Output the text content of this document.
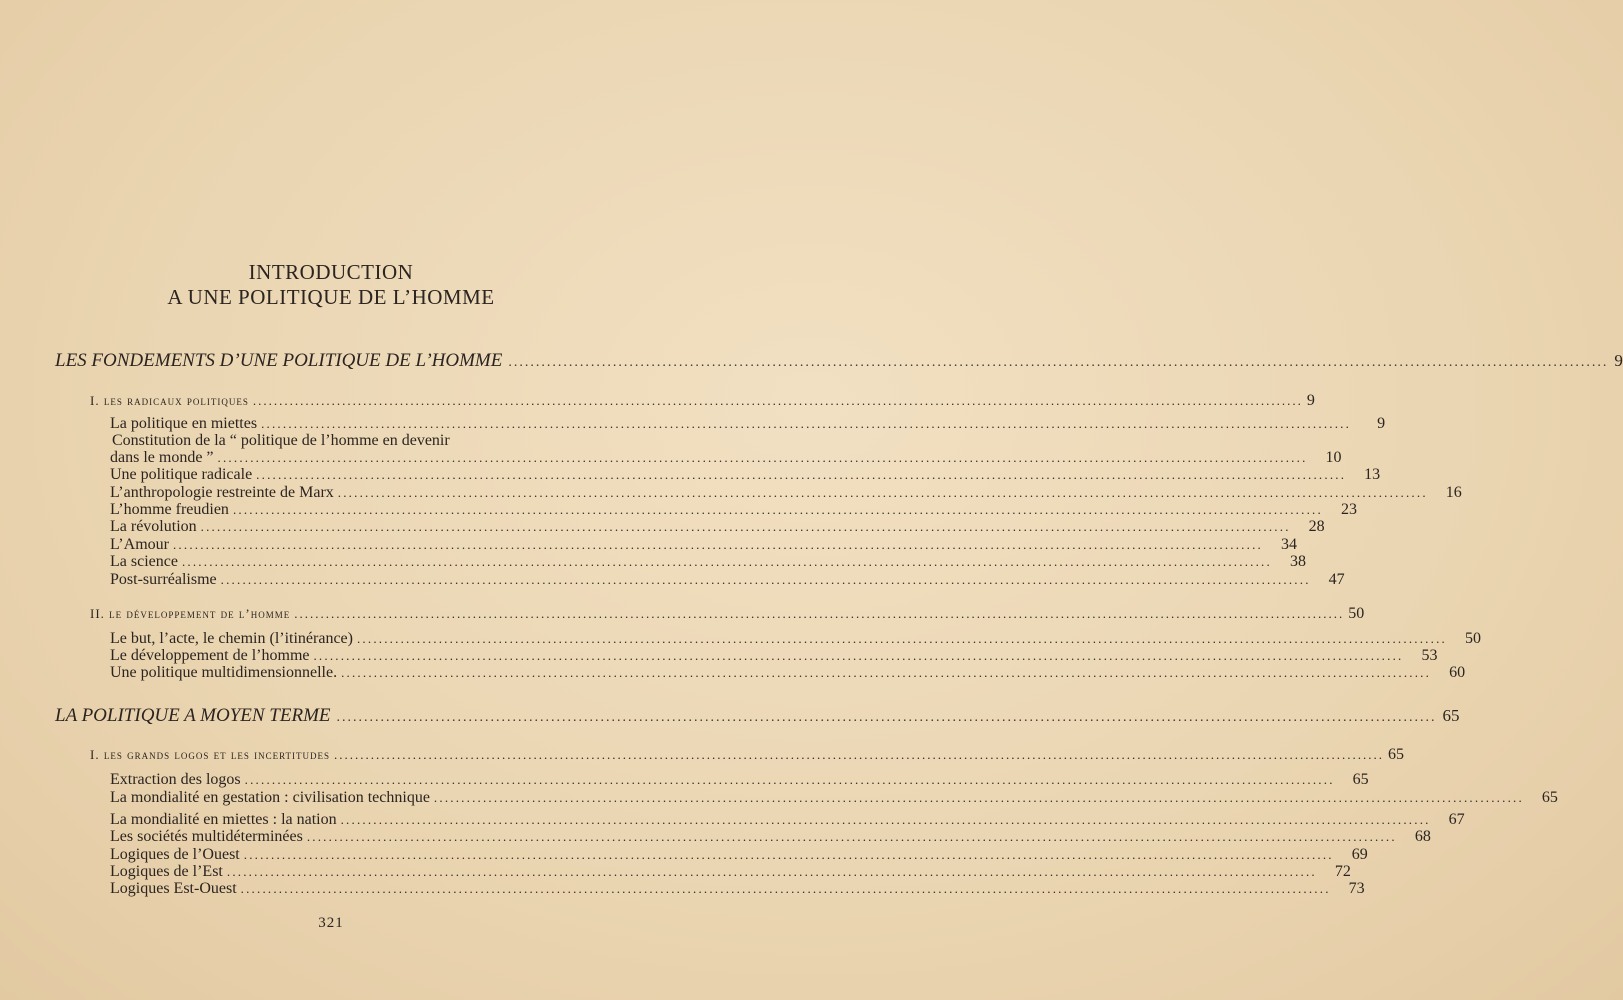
INTRODUCTION
A UNE POLITIQUE DE L’HOMME
LES FONDEMENTS D’UNE POLITIQUE DE L’HOMME ........................................................................................................................................................................................................ 9
I. les radicaux politiques ........................................................................................................................................................................................................ 9
La politique en miettes ........................................................................................................................................................................................................	9
Constitution de la “ politique de l’homme en devenir
dans le monde ” ........................................................................................................................................................................................................	10
Une politique radicale ........................................................................................................................................................................................................	13
L’anthropologie restreinte de Marx ........................................................................................................................................................................................................	16
L’homme freudien ........................................................................................................................................................................................................	23
La révolution ........................................................................................................................................................................................................	28
L’Amour ........................................................................................................................................................................................................	34
La science ........................................................................................................................................................................................................	38
Post-surréalisme ........................................................................................................................................................................................................	47
II. le développement de l’homme ........................................................................................................................................................................................................ 50
Le but, l’acte, le chemin (l’itinérance) ........................................................................................................................................................................................................	50
Le développement de l’homme ........................................................................................................................................................................................................	53
Une politique multidimensionnelle. ........................................................................................................................................................................................................	60
LA POLITIQUE A MOYEN TERME ........................................................................................................................................................................................................ 65
I. les grands logos et les incertitudes ........................................................................................................................................................................................................ 65
Extraction des logos ........................................................................................................................................................................................................	65
La mondialité en gestation : civilisation technique ........................................................................................................................................................................................................	65
La mondialité en miettes : la nation ........................................................................................................................................................................................................	67
Les sociétés multidéterminées ........................................................................................................................................................................................................	68
Logiques de l’Ouest ........................................................................................................................................................................................................	69
Logiques de l’Est ........................................................................................................................................................................................................	72
Logiques Est-Ouest ........................................................................................................................................................................................................	73
321
